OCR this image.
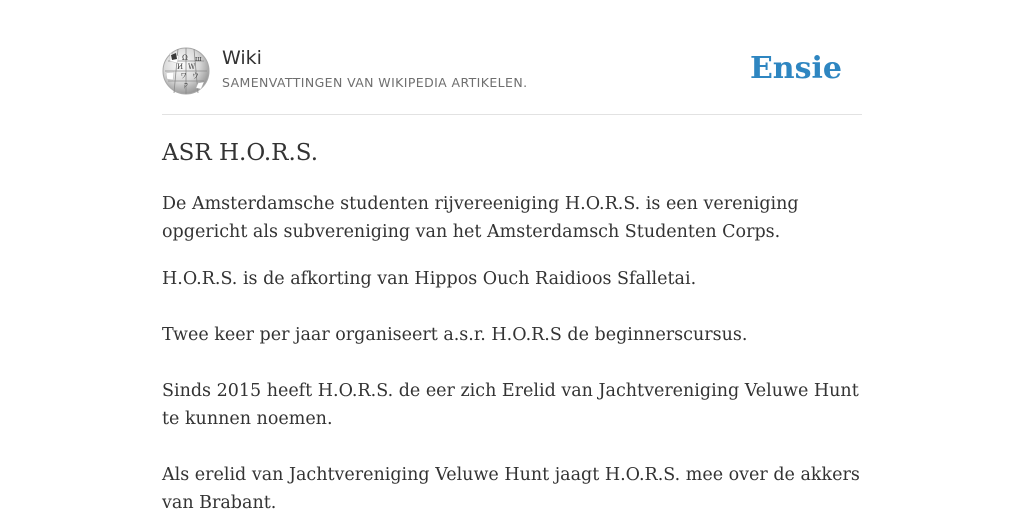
Ω
W
И
ウ
ワ
ק
ш Wiki
SAMENVATTINGEN VAN WIKIPEDIA ARTIKELEN.	Ensie
ASR H.O.R.S.

De Amsterdamsche studenten rijvereeniging H.O.R.S. is een vereniging opgericht als subvereniging van het Amsterdamsch Studenten Corps.

H.O.R.S. is de afkorting van Hippos Ouch Raidioos Sfalletai.

Twee keer per jaar organiseert a.s.r. H.O.R.S de beginnerscursus.

Sinds 2015 heeft H.O.R.S. de eer zich Erelid van Jachtvereniging Veluwe Hunt te kunnen noemen.

Als erelid van Jachtvereniging Veluwe Hunt jaagt H.O.R.S. mee over de akkers van Brabant.
